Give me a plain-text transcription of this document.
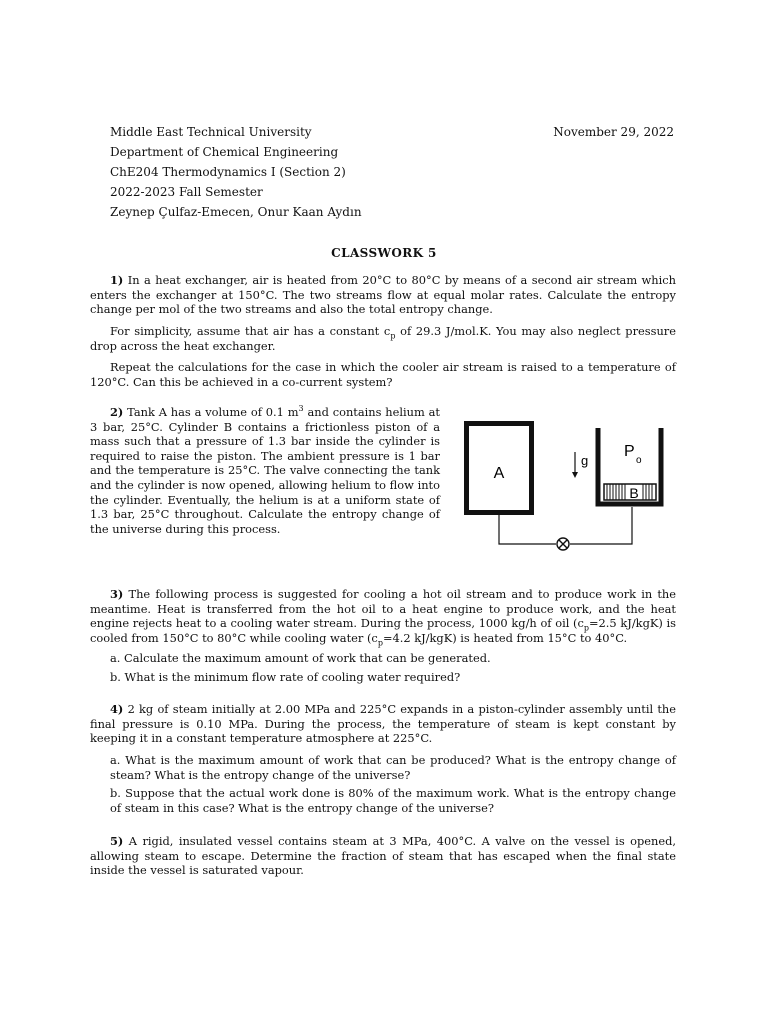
Middle East Technical University
Department of Chemical Engineering
ChE204 Thermodynamics I (Section 2)
2022-2023 Fall Semester
Zeynep Çulfaz-Emecen, Onur Kaan Aydın
November 29, 2022
CLASSWORK 5

1) In a heat exchanger, air is heated from 20°C to 80°C by means of a second air stream which enters the exchanger at 150°C. The two streams flow at equal molar rates. Calculate the entropy change per mol of the two streams and also the total entropy change.

For simplicity, assume that air has a constant $c_p$ of 29.3 J/mol.K. You may also neglect pressure drop across the heat exchanger.

Repeat the calculations for the case in which the cooler air stream is raised to a temperature of 120°C. Can this be achieved in a co-current system?

2) Tank A has a volume of 0.1 $m^3$ and contains helium at 3 bar, 25°C. Cylinder B contains a frictionless piston of a mass such that a pressure of 1.3 bar inside the cylinder is required to raise the piston. The ambient pressure is 1 bar and the temperature is 25°C. The valve connecting the tank and the cylinder is now opened, allowing helium to flow into the cylinder. Eventually, the helium is at a uniform state of 1.3 bar, 25°C throughout. Calculate the entropy change of the universe during this process.

A
B
g
P
o

3) The following process is suggested for cooling a hot oil stream and to produce work in the meantime. Heat is transferred from the hot oil to a heat engine to produce work, and the heat engine rejects heat to a cooling water stream. During the process, 1000 kg/h of oil ($c_p=2.5$ kJ/kgK) is cooled from 150°C to 80°C while cooling water ($c_p=4.2$ kJ/kgK) is heated from 15°C to 40°C.

a. Calculate the maximum amount of work that can be generated.

b. What is the minimum flow rate of cooling water required?

4) 2 kg of steam initially at 2.00 MPa and 225°C expands in a piston-cylinder assembly until the final pressure is 0.10 MPa. During the process, the temperature of steam is kept constant by keeping it in a constant temperature atmosphere at 225°C.

a. What is the maximum amount of work that can be produced? What is the entropy change of steam? What is the entropy change of the universe?

b. Suppose that the actual work done is 80% of the maximum work. What is the entropy change of steam in this case? What is the entropy change of the universe?

5) A rigid, insulated vessel contains steam at 3 MPa, 400°C. A valve on the vessel is opened, allowing steam to escape. Determine the fraction of steam that has escaped when the final state inside the vessel is saturated vapour.
